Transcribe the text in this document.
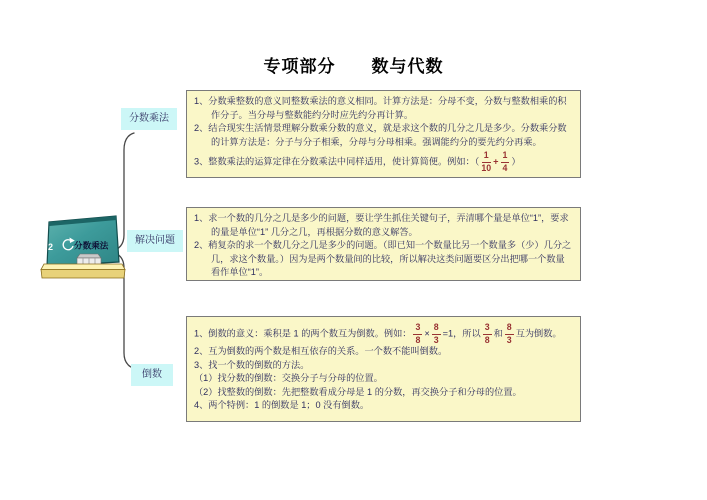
专项部分　　数与代数
2 分数乘法
分数乘法
解决问题
倒数

1、分数乘整数的意义同整数乘法的意义相同。计算方法是：分母不变，分数与整数相乘的积作分子。当分母与整数能约分时应先约分再计算。

2、结合现实生活情景理解分数乘分数的意义，就是求这个数的几分之几是多少。分数乘分数的计算方法是：分子与分子相乘，分母与分母相乘。强调能约分的要先约分再乘。

3、整数乘法的运算定律在分数乘法中同样适用，使计算简便。例如：（ $\frac{1}{10} + \frac{1}{4}$ ）

1、求一个数的几分之几是多少的问题，要让学生抓住关键句子，弄清哪个量是单位“1”，要求的量是单位“1” 几分之几，再根据分数的意义解答。

2、稍复杂的求一个数几分之几是多少的问题。（即已知一个数量比另一个数量多（少）几分之几，求这个数量。）因为是两个数量间的比较，所以解决这类问题要区分出把哪一个数量看作单位“1”。

1、倒数的意义：乘积是 1 的两个数互为倒数。例如： $\frac{3}{8} \times \frac{8}{3} =1$，所以 $\frac{3}{8}$ 和 $\frac{8}{3}$ 互为倒数。

2、互为倒数的两个数是相互依存的关系。一个数不能叫倒数。

3、找一个数的倒数的方法。

（1）找分数的倒数：交换分子与分母的位置。

（2）找整数的倒数：先把整数看成分母是 1 的分数，再交换分子和分母的位置。

4、两个特例：1 的倒数是 1；0 没有倒数。
